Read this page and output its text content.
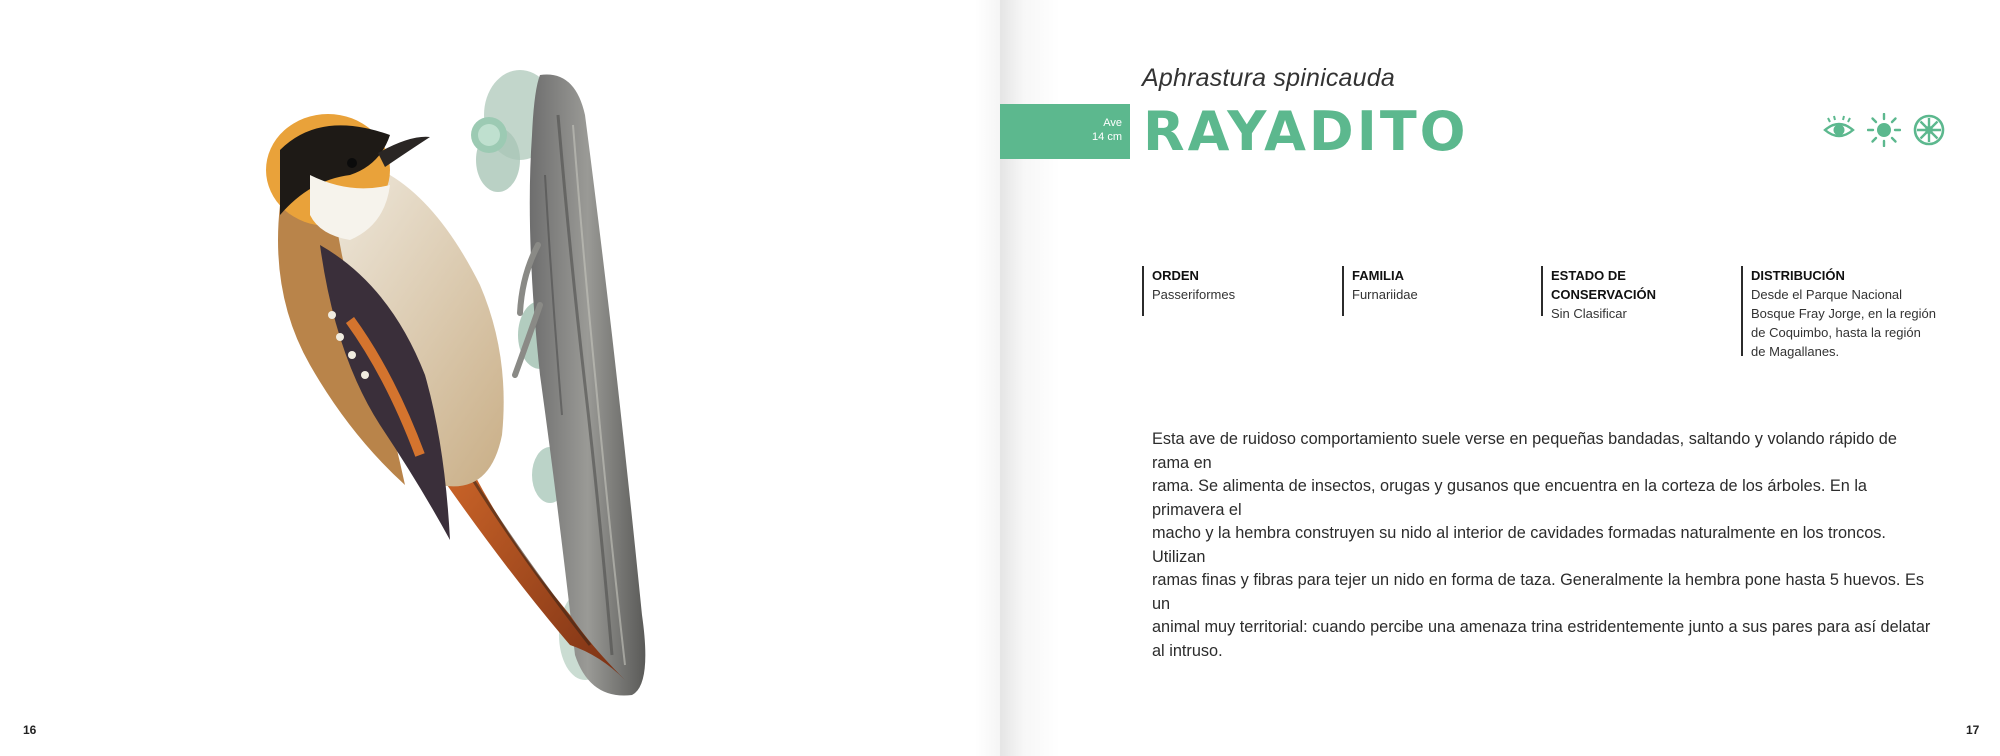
16
Aphrastura spinicauda
Ave
14 cm RAYADITO
ORDEN
Passeriformes
FAMILIA
Furnariidae
ESTADO DE CONSERVACIÓN
Sin Clasificar
DISTRIBUCIÓN
Desde el Parque Nacional
Bosque Fray Jorge, en la región
de Coquimbo, hasta la región
de Magallanes.
Esta ave de ruidoso comportamiento suele verse en pequeñas bandadas, saltando y volando rápido de rama en
rama. Se alimenta de insectos, orugas y gusanos que encuentra en la corteza de los árboles. En la primavera el
macho y la hembra construyen su nido al interior de cavidades formadas naturalmente en los troncos. Utilizan
ramas finas y fibras para tejer un nido en forma de taza. Generalmente la hembra pone hasta 5 huevos. Es un
animal muy territorial: cuando percibe una amenaza trina estridentemente junto a sus pares para así delatar
al intruso.
17
